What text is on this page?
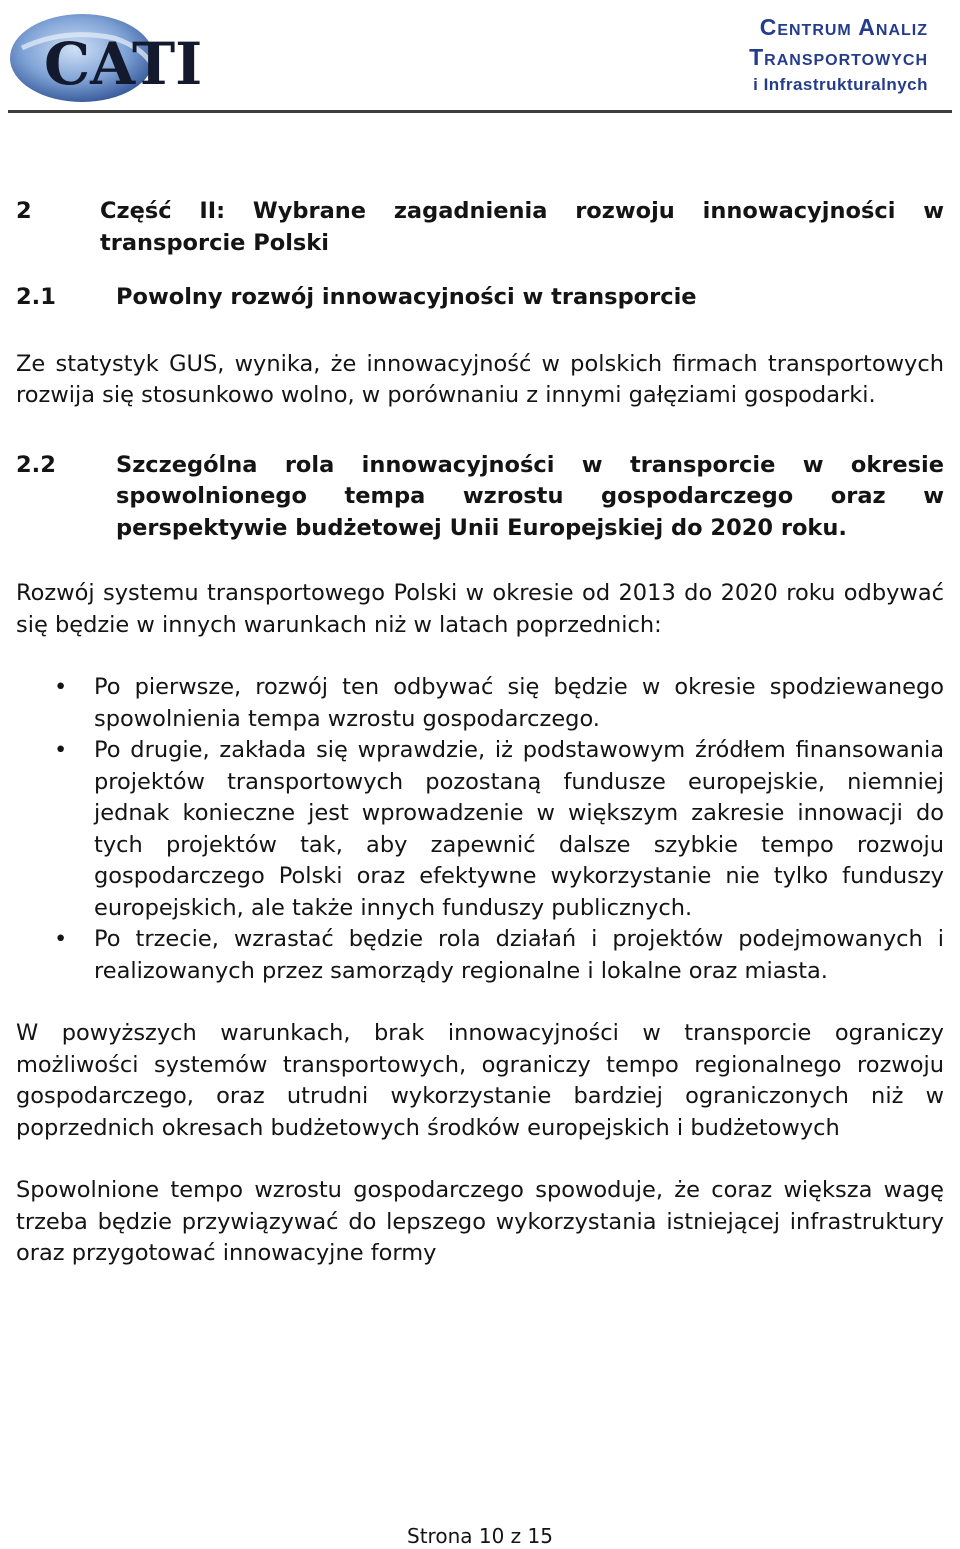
CATI
Centrum Analiz
Transportowych
i Infrastrukturalnych
2	Część II: Wybrane zagadnienia rozwoju innowacyjności w transporcie Polski
2.1	Powolny rozwój innowacyjności w transporcie

Ze statystyk GUS, wynika, że innowacyjność w polskich firmach transportowych rozwija się stosunkowo wolno, w porównaniu z innymi gałęziami gospodarki.

2.2	Szczególna rola innowacyjności w transporcie w okresie spowolnionego tempa wzrostu gospodarczego oraz w perspektywie budżetowej Unii Europejskiej do 2020 roku.

Rozwój systemu transportowego Polski w okresie od 2013 do 2020 roku odbywać się będzie w innych warunkach niż w latach poprzednich:

• Po pierwsze, rozwój ten odbywać się będzie w okresie spodziewanego spowolnienia tempa wzrostu gospodarczego.
• Po drugie, zakłada się wprawdzie, iż podstawowym źródłem finansowania projektów transportowych pozostaną fundusze europejskie, niemniej jednak konieczne jest wprowadzenie w większym zakresie innowacji do tych projektów tak, aby zapewnić dalsze szybkie tempo rozwoju gospodarczego Polski oraz efektywne wykorzystanie nie tylko funduszy europejskich, ale także innych funduszy publicznych.
• Po trzecie, wzrastać będzie rola działań i projektów podejmowanych i realizowanych przez samorządy regionalne i lokalne oraz miasta.

W powyższych warunkach, brak innowacyjności w transporcie ograniczy możliwości systemów transportowych, ograniczy tempo regionalnego rozwoju gospodarczego, oraz utrudni wykorzystanie bardziej ograniczonych niż w poprzednich okresach budżetowych środków europejskich i budżetowych

Spowolnione tempo wzrostu gospodarczego spowoduje, że coraz większa wagę trzeba będzie przywiązywać do lepszego wykorzystania istniejącej infrastruktury oraz przygotować innowacyjne formy

Strona 10 z 15
